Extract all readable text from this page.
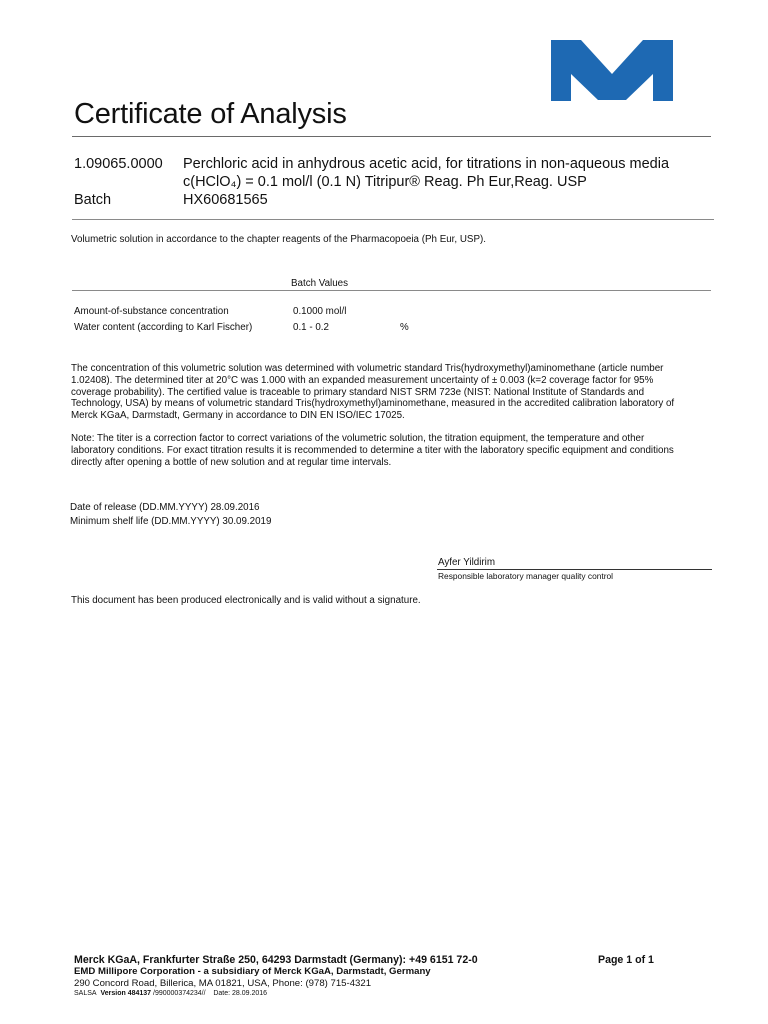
Certificate of Analysis
1.09065.0000 Perchloric acid in anhydrous acetic acid, for titrations in non-aqueous media
c(HClO₄) = 0.1 mol/l (0.1 N) Titripur® Reag. Ph Eur,Reag. USP
Batch	HX60681565
Volumetric solution in accordance to the chapter reagents of the Pharmacopoeia (Ph Eur, USP).
Batch Values
Amount-of-substance concentration	0.1000 mol/l
Water content (according to Karl Fischer)	0.1 - 0.2	%
The concentration of this volumetric solution was determined with volumetric standard Tris(hydroxymethyl)aminomethane (article number
1.02408). The determined titer at 20°C was 1.000 with an expanded measurement uncertainty of ± 0.003 (k=2 coverage factor for 95%
coverage probability). The certified value is traceable to primary standard NIST SRM 723e (NIST: National Institute of Standards and
Technology, USA) by means of volumetric standard Tris(hydroxymethyl)aminomethane, measured in the accredited calibration laboratory of
Merck KGaA, Darmstadt, Germany in accordance to DIN EN ISO/IEC 17025.
Note: The titer is a correction factor to correct variations of the volumetric solution, the titration equipment, the temperature and other
laboratory conditions. For exact titration results it is recommended to determine a titer with the laboratory specific equipment and conditions
directly after opening a bottle of new solution and at regular time intervals.
Date of release (DD.MM.YYYY) 28.09.2016
Minimum shelf life (DD.MM.YYYY) 30.09.2019
Ayfer Yildirim
Responsible laboratory manager quality control
This document has been produced electronically and is valid without a signature.
Merck KGaA, Frankfurter Straße 250, 64293 Darmstadt (Germany): +49 6151 72-0	Page 1 of 1
EMD Millipore Corporation - a subsidiary of Merck KGaA, Darmstadt, Germany
290 Concord Road, Billerica, MA 01821, USA, Phone: (978) 715-4321
SALSA Version 484137 /990000374234// Date: 28.09.2016
